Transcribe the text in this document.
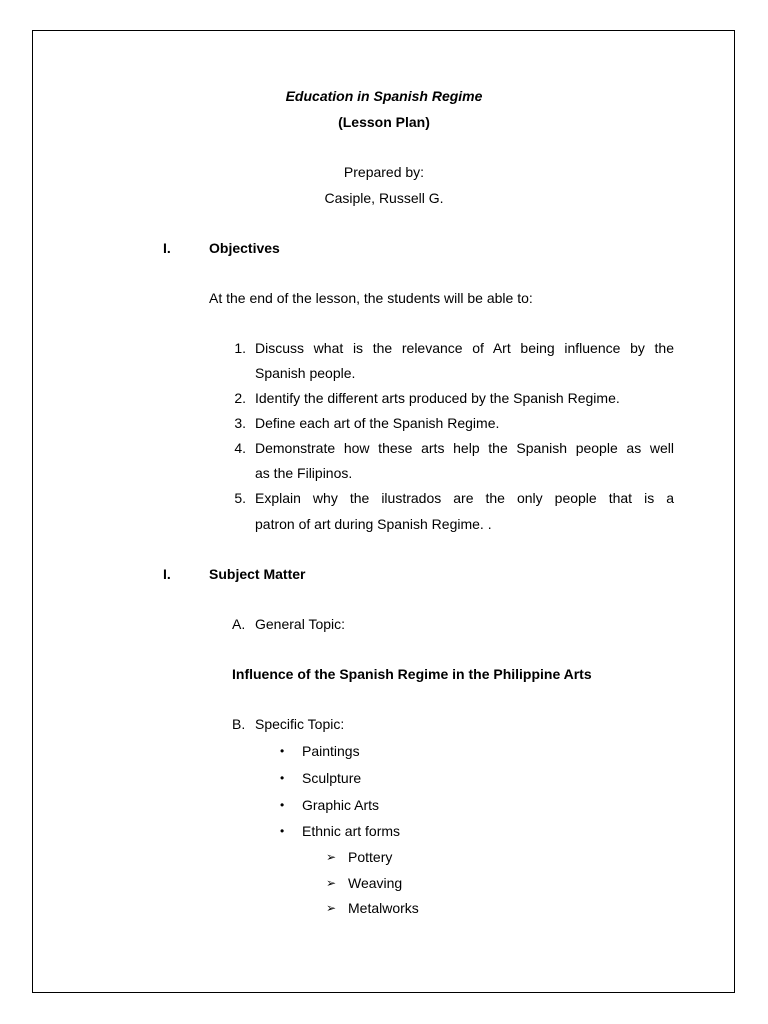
Education in Spanish Regime
(Lesson Plan)
Prepared by:
Casiple, Russell G.
I.	Objectives
At the end of the lesson, the students will be able to:
1. Discuss what is the relevance of Art being influence by the
Spanish people.
2. Identify the different arts produced by the Spanish Regime.
3. Define each art of the Spanish Regime.
4. Demonstrate how these arts help the Spanish people as well
as the Filipinos.
5. Explain why the ilustrados are the only people that is a
patron of art during Spanish Regime. .
I.	Subject Matter
A. General Topic:
Influence of the Spanish Regime in the Philippine Arts
B. Specific Topic:
• Paintings
• Sculpture
• Graphic Arts
• Ethnic art forms
➢ Pottery
➢ Weaving
➢ Metalworks
